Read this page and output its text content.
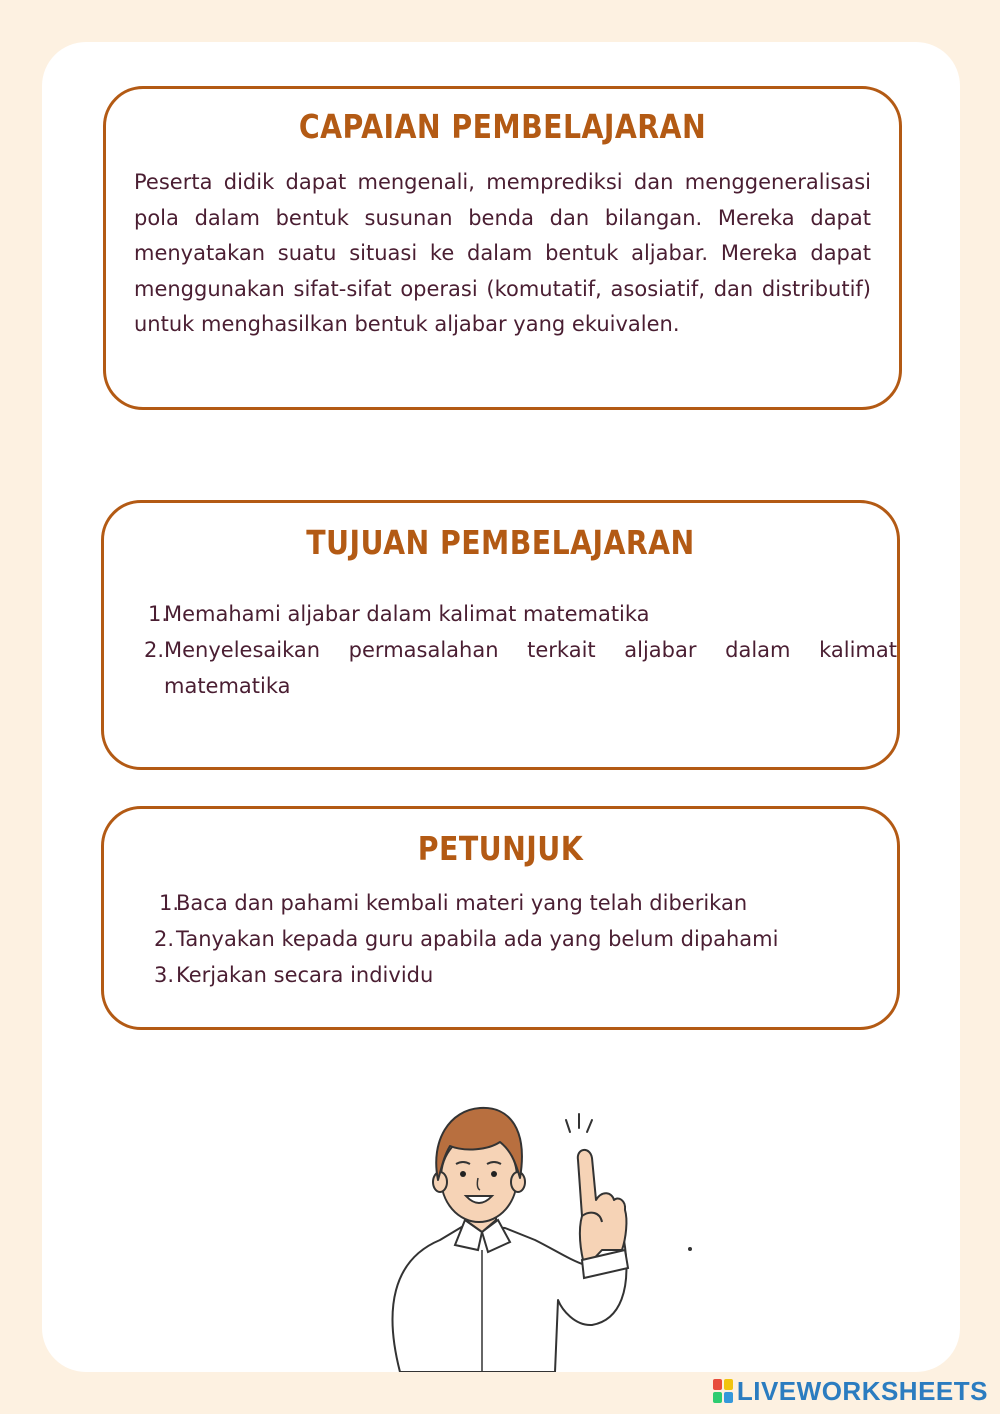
CAPAIAN PEMBELAJARAN

Peserta didik dapat mengenali, memprediksi dan menggeneralisasi pola dalam bentuk susunan benda dan bilangan. Mereka dapat menyatakan suatu situasi ke dalam bentuk aljabar. Mereka dapat menggunakan sifat-sifat operasi (komutatif, asosiatif, dan distributif) untuk menghasilkan bentuk aljabar yang ekuivalen.

TUJUAN PEMBELAJARAN
1.
Memahami aljabar dalam kalimat matematika
2. Menyelesaikan permasalahan terkait aljabar dalam kalimat matematika
PETUNJUK
1.
Baca dan pahami kembali materi yang telah diberikan
2. Tanyakan kepada guru apabila ada yang belum dipahami
3. Kerjakan secara individu
LIVEWORKSHEETS
